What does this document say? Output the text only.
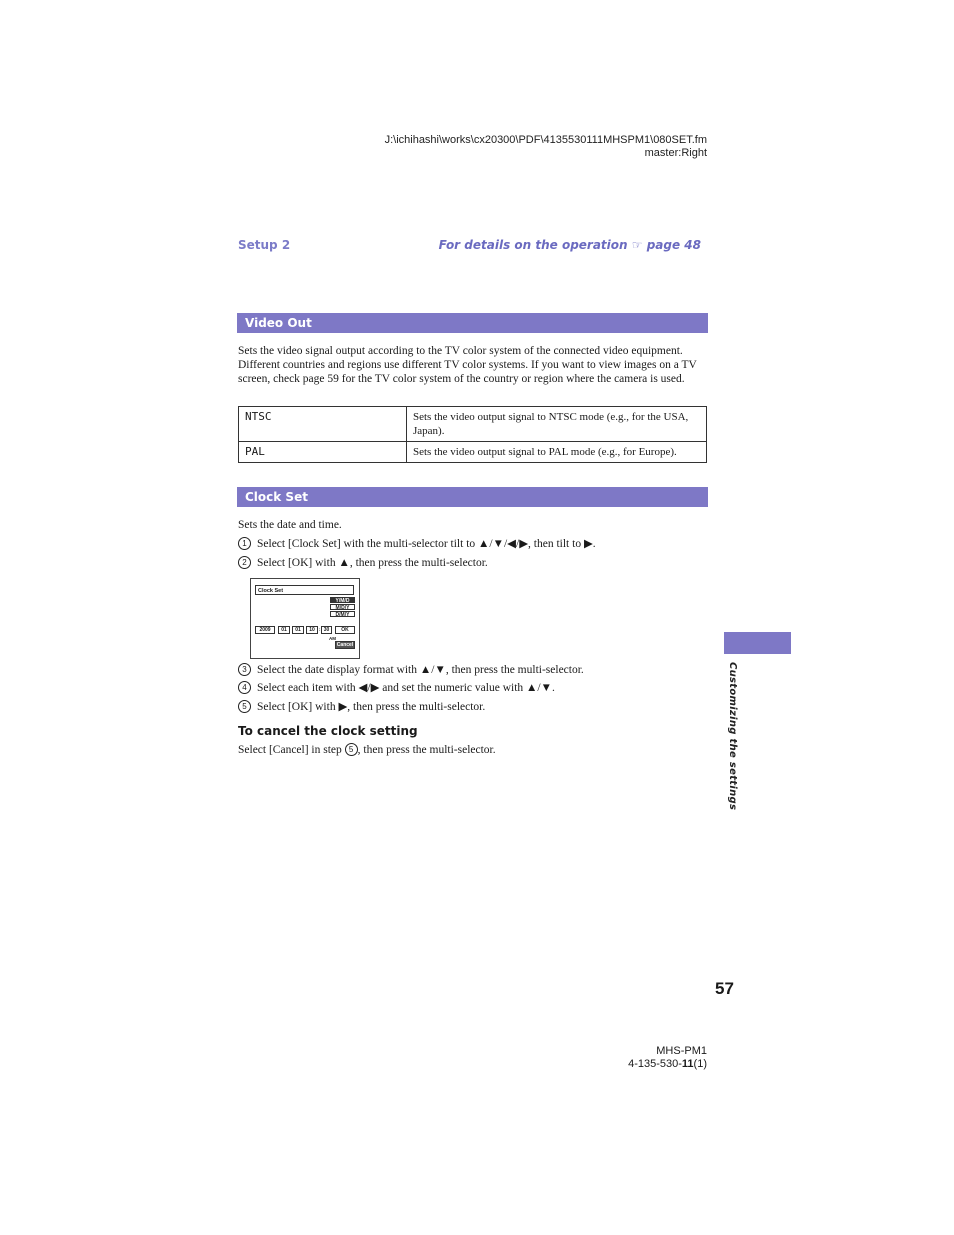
J:\ichihashi\works\cx20300\PDF\4135530111MHSPM1\080SET.fm
master:Right
Setup 2	For details on the operation ☞ page 48
Video Out
Sets the video signal output according to the TV color system of the connected video equipment. Different countries and regions use different TV color systems. If you want to view images on a TV screen, check page 59 for the TV color system of the country or region where the camera is used.
NTSC	Sets the video output signal to NTSC mode (e.g., for the USA, Japan).
PAL	Sets the video output signal to PAL mode (e.g., for Europe).
Clock Set
Sets the date and time.
1 Select [Clock Set] with the multi-selector tilt to ▲/▼/◀/▶, then tilt to ▶.
2 Select [OK] with ▲, then press the multi-selector.
Clock Set
Y/M/D
M/D/Y
D/M/Y
2009	01	01	10 : 30
AM
OK
Cancel
3 Select the date display format with ▲/▼, then press the multi-selector.
4 Select each item with ◀/▶ and set the numeric value with ▲/▼.
5 Select [OK] with ▶, then press the multi-selector.
To cancel the clock setting
Select [Cancel] in step 5 , then press the multi-selector.	Customizing the settings
57
MHS-PM1
4-135-530-11(1)
